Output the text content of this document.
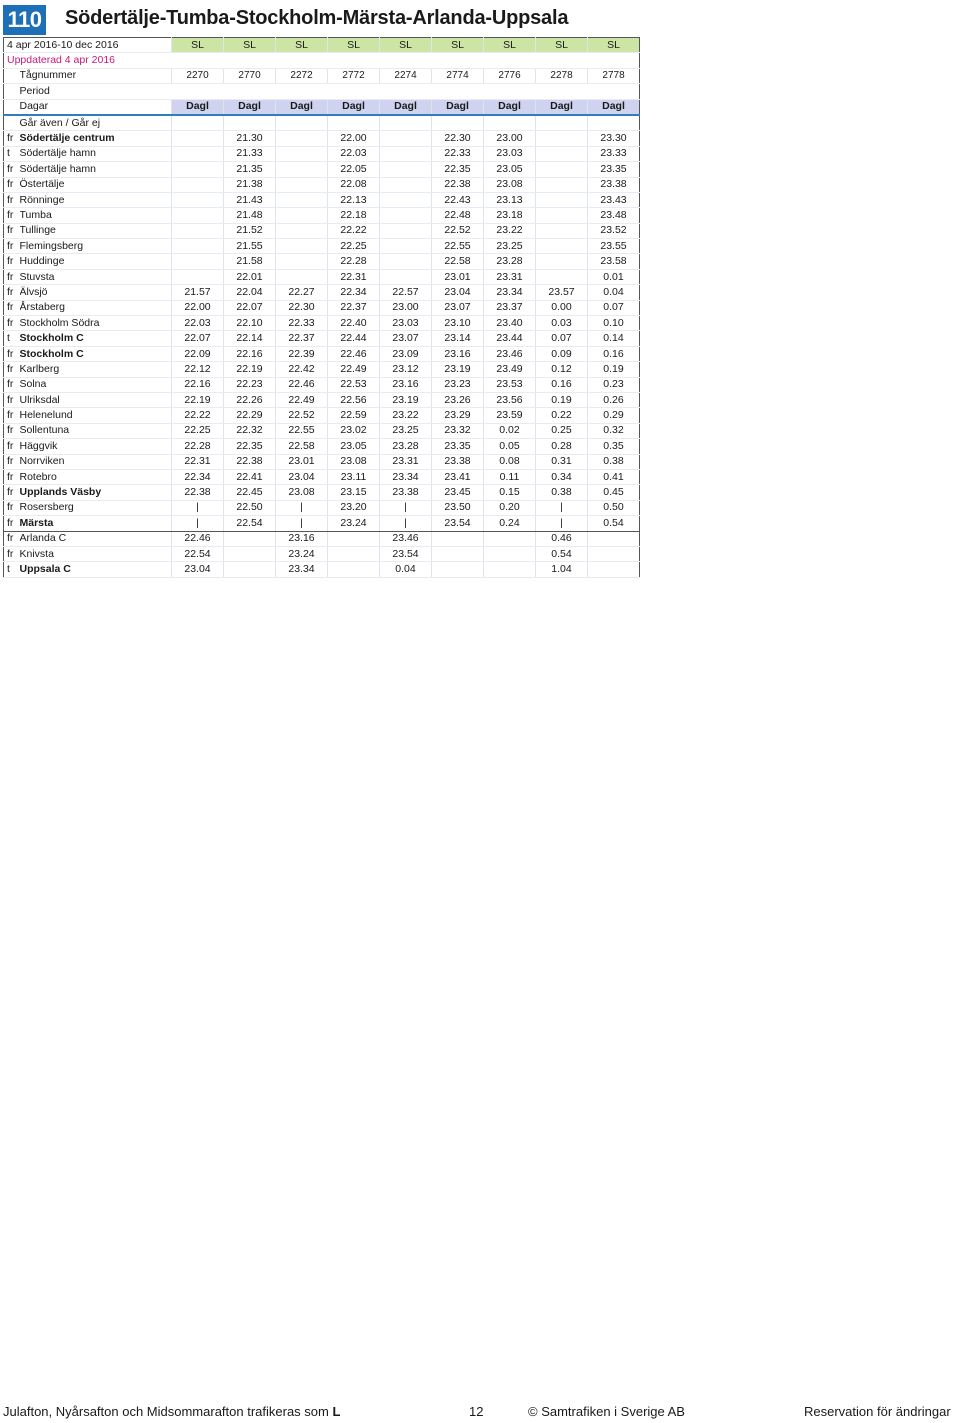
110 Södertälje-Tumba-Stockholm-Märsta-Arlanda-Uppsala
4 apr 2016-10 dec 2016		SL	SL	SL	SL	SL	SL	SL	SL	SL
Uppdaterad 4 apr 2016										
	Tågnummer	2270	2770	2272	2772	2274	2774	2776	2278	2778
	Period									
	Dagar	Dagl	Dagl	Dagl	Dagl	Dagl	Dagl	Dagl	Dagl	Dagl
	Går även / Går ej									
fr	Södertälje centrum		21.30		22.00		22.30	23.00		23.30
t	Södertälje hamn		21.33		22.03		22.33	23.03		23.33
fr	Södertälje hamn		21.35		22.05		22.35	23.05		23.35
fr	Östertälje		21.38		22.08		22.38	23.08		23.38
fr	Rönninge		21.43		22.13		22.43	23.13		23.43
fr	Tumba		21.48		22.18		22.48	23.18		23.48
fr	Tullinge		21.52		22.22		22.52	23.22		23.52
fr	Flemingsberg		21.55		22.25		22.55	23.25		23.55
fr	Huddinge		21.58		22.28		22.58	23.28		23.58
fr	Stuvsta		22.01		22.31		23.01	23.31		0.01
fr	Älvsjö	21.57	22.04	22.27	22.34	22.57	23.04	23.34	23.57	0.04
fr	Årstaberg	22.00	22.07	22.30	22.37	23.00	23.07	23.37	0.00	0.07
fr	Stockholm Södra	22.03	22.10	22.33	22.40	23.03	23.10	23.40	0.03	0.10
t	Stockholm C	22.07	22.14	22.37	22.44	23.07	23.14	23.44	0.07	0.14
fr	Stockholm C	22.09	22.16	22.39	22.46	23.09	23.16	23.46	0.09	0.16
fr	Karlberg	22.12	22.19	22.42	22.49	23.12	23.19	23.49	0.12	0.19
fr	Solna	22.16	22.23	22.46	22.53	23.16	23.23	23.53	0.16	0.23
fr	Ulriksdal	22.19	22.26	22.49	22.56	23.19	23.26	23.56	0.19	0.26
fr	Helenelund	22.22	22.29	22.52	22.59	23.22	23.29	23.59	0.22	0.29
fr	Sollentuna	22.25	22.32	22.55	23.02	23.25	23.32	0.02	0.25	0.32
fr	Häggvik	22.28	22.35	22.58	23.05	23.28	23.35	0.05	0.28	0.35
fr	Norrviken	22.31	22.38	23.01	23.08	23.31	23.38	0.08	0.31	0.38
fr	Rotebro	22.34	22.41	23.04	23.11	23.34	23.41	0.11	0.34	0.41
fr	Upplands Väsby	22.38	22.45	23.08	23.15	23.38	23.45	0.15	0.38	0.45
fr	Rosersberg	|	22.50	|	23.20	|	23.50	0.20	|	0.50
fr	Märsta	|	22.54	|	23.24	|	23.54	0.24	|	0.54
fr	Arlanda C	22.46		23.16		23.46			0.46	
fr	Knivsta	22.54		23.24		23.54			0.54	
t	Uppsala C	23.04		23.34		0.04			1.04	
Julafton, Nyårsafton och Midsommarafton trafikeras som L	12	© Samtrafiken i Sverige AB	Reservation för ändringar
